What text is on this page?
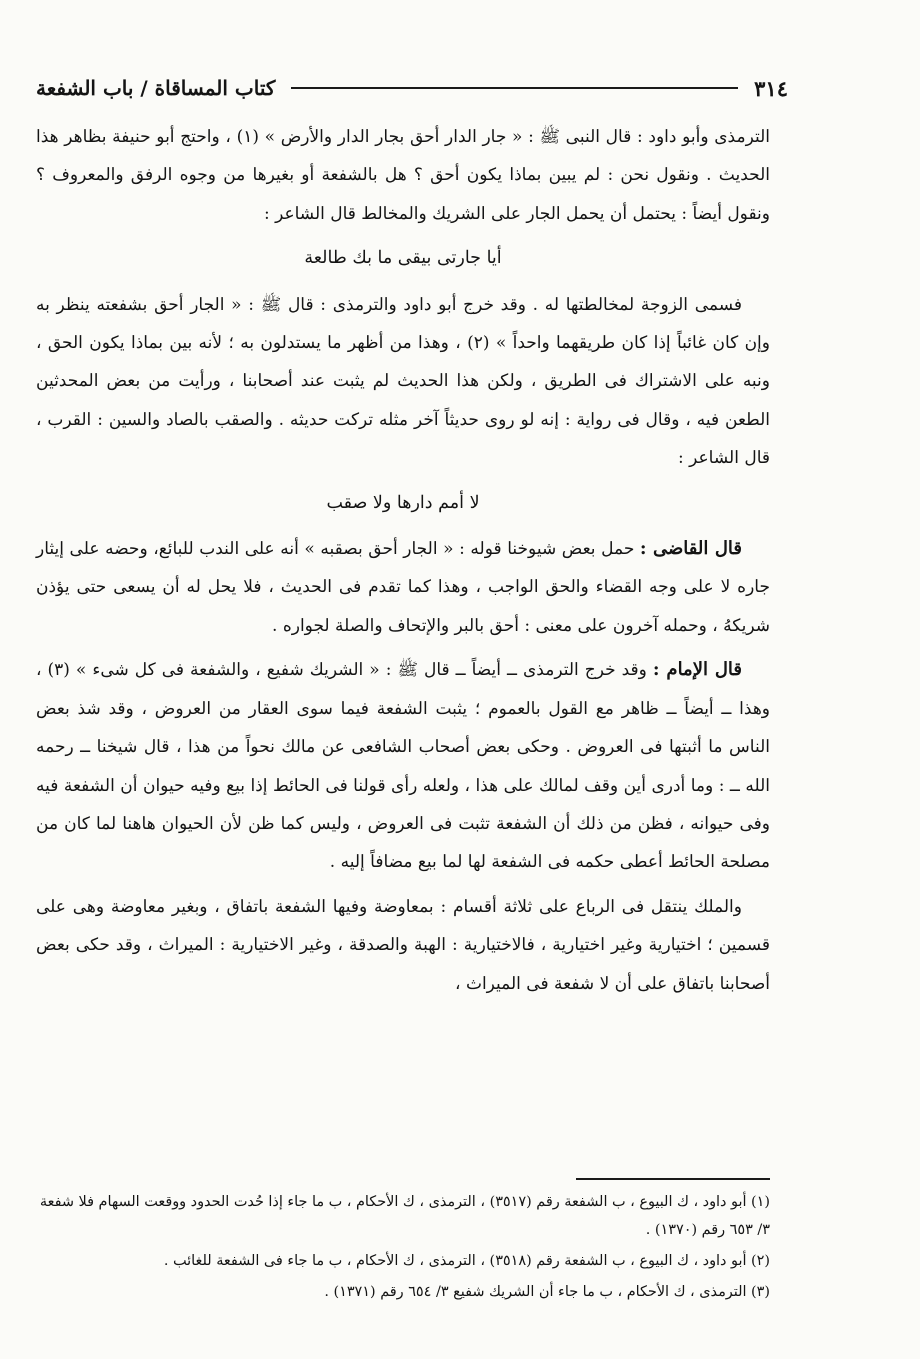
٣١٤
كتاب المساقاة / باب الشفعة

الترمذى وأبو داود : قال النبى ﷺ : « جار الدار أحق بجار الدار والأرض » (١) ، واحتج أبو حنيفة بظاهر هذا الحديث . ونقول نحن : لم يبين بماذا يكون أحق ؟ هل بالشفعة أو بغيرها من وجوه الرفق والمعروف ؟ ونقول أيضاً : يحتمل أن يحمل الجار على الشريك والمخالط قال الشاعر :

أيا جارتى بيقى ما بك طالعة

فسمى الزوجة لمخالطتها له . وقد خرج أبو داود والترمذى : قال ﷺ : « الجار أحق بشفعته ينظر به وإن كان غائباً إذا كان طريقهما واحداً » (٢) ، وهذا من أظهر ما يستدلون به ؛ لأنه بين بماذا يكون الحق ، ونبه على الاشتراك فى الطريق ، ولكن هذا الحديث لم يثبت عند أصحابنا ، ورأيت من بعض المحدثين الطعن فيه ، وقال فى رواية : إنه لو روى حديثاً آخر مثله تركت حديثه . والصقب بالصاد والسين : القرب ، قال الشاعر :

لا أمم دارها ولا صقب

قال القاضى : حمل بعض شيوخنا قوله : « الجار أحق بصقبه » أنه على الندب للبائع، وحضه على إيثار جاره لا على وجه القضاء والحق الواجب ، وهذا كما تقدم فى الحديث ، فلا يحل له أن يسعى حتى يؤذن شريكهُ ، وحمله آخرون على معنى : أحق بالبر والإتحاف والصلة لجواره .

قال الإمام : وقد خرج الترمذى ــ أيضاً ــ قال ﷺ : « الشريك شفيع ، والشفعة فى كل شىء » (٣) ، وهذا ــ أيضاً ــ ظاهر مع القول بالعموم ؛ يثبت الشفعة فيما سوى العقار من العروض ، وقد شذ بعض الناس ما أثبتها فى العروض . وحكى بعض أصحاب الشافعى عن مالك نحواً من هذا ، قال شيخنا ــ رحمه الله ــ : وما أدرى أين وقف لمالك على هذا ، ولعله رأى قولنا فى الحائط إذا بيع وفيه حيوان أن الشفعة فيه وفى حيوانه ، فظن من ذلك أن الشفعة تثبت فى العروض ، وليس كما ظن لأن الحيوان هاهنا لما كان من مصلحة الحائط أعطى حكمه فى الشفعة لها لما بيع مضافاً إليه .

والملك ينتقل فى الرباع على ثلاثة أقسام : بمعاوضة وفيها الشفعة باتفاق ، وبغير معاوضة وهى على قسمين ؛ اختيارية وغير اختيارية ، فالاختيارية : الهبة والصدقة ، وغير الاختيارية : الميراث ، وقد حكى بعض أصحابنا باتفاق على أن لا شفعة فى الميراث ،

(١) أبو داود ، ك البيوع ، ب الشفعة رقم (٣٥١٧) ، الترمذى ، ك الأحكام ، ب ما جاء إذا حُدت الحدود ووقعت السهام فلا شفعة ٣/ ٦٥٣ رقم (١٣٧٠) .

(٢) أبو داود ، ك البيوع ، ب الشفعة رقم (٣٥١٨) ، الترمذى ، ك الأحكام ، ب ما جاء فى الشفعة للغائب .

(٣) الترمذى ، ك الأحكام ، ب ما جاء أن الشريك شفيع ٣/ ٦٥٤ رقم (١٣٧١) .
